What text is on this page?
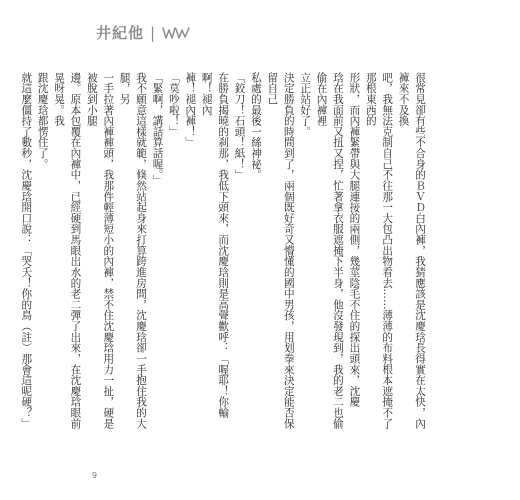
井紀他 |

很常見卻有些不合身的ＢＶＤ白內褲，我猜應該是沈慶琀長得實在太快，內褲來不及換

吧，我無法克制自己不往那一大包凸出物看去……薄薄的布料根本遮掩不了那根東西的

形狀，而內褲緊帶與大腿連接的兩側，幾莖陰毛不住的探出頭來，沈慶

琀在我面前又扭又捏，忙著拿衣服遮掩下半身，他沒發現到，我的老二也偷偷在內褲裡

立正站好了。

決定勝負的時間到了，兩個既好奇又懵懂的國中男孩，用划拳來決定能否保留自己

私處的最後一絲神祕。

「鉸刀！石頭！紙！」

在勝負揭曉的刹那，我低下頭來，而沈慶琀則是高聲歡呼：「喔耶！你輸啊！褪內

褲！褪內褲！」

「莫吵啦！」

「緊啊，講話算話喔。」

我不願意這樣就範，倏然站起身來打算跨進房間，沈慶琀卻一手抱住我的大腿，另

一手拉著內褲褲頭，我那件輕薄短小的內褲，禁不住沈慶琀用力一扯，硬是被脫到小腿

邊。原本包覆在內褲中，已經硬到馬眼出水的老二彈了出來，在沈慶琀眼前晃呀晃。我

跟沈慶琀都愣住了。

就這麼僵持了數秒，沈慶琀開口說：「哭夭！你的鳥（註）那會這呢硬？」

9
